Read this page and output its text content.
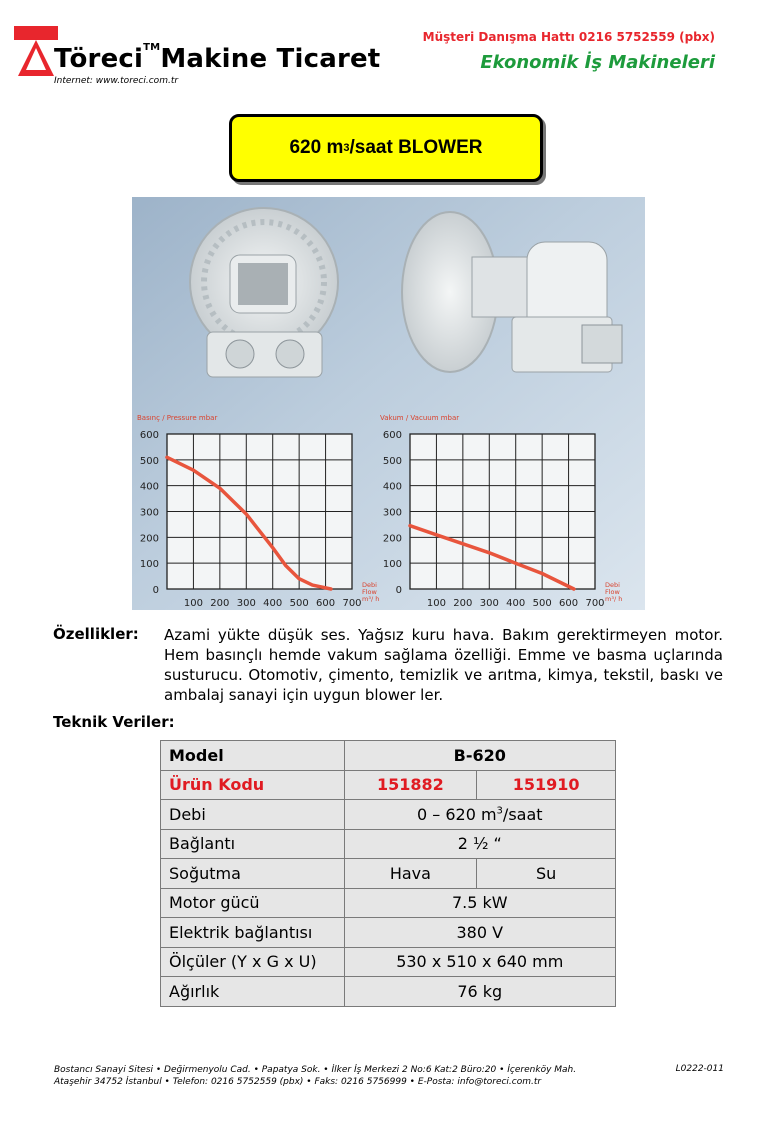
Töreci™Makine Ticaret
Internet: www.toreci.com.tr
Müşteri Danışma Hattı 0216 5752559 (pbx)
Ekonomik İş Makineleri
620 m 3 /saat BLOWER
Basınç / Pressure mbar
600
500
400
300
200
100
0
100 200 300 400 500 600 700
Debi
Flow
m³/ h
Vakum / Vacuum mbar
600
500
400
300
200
100
0
100 200 300 400 500 600 700
Debi
Flow
m³/ h
Özellikler: Azami yükte düşük ses. Yağsız kuru hava. Bakım gerektirmeyen motor. Hem basınçlı hemde vakum sağlama özelliği. Emme ve basma uçlarında susturucu. Otomotiv, çimento, temizlik ve arıtma, kimya, tekstil, baskı ve ambalaj sanayi için uygun blower ler.
Teknik Veriler:
Model	B-620	
Ürün Kodu	151882	151910
Debi	0 – 620 $m^3$/saat	
Bağlantı	2 ½ “	
Soğutma	Hava	Su
Motor gücü	7.5 kW	
Elektrik bağlantısı	380 V	
Ölçüler (Y x G x U)	530 x 510 x 640 mm	
Ağırlık	76 kg	
Bostancı Sanayi Sitesi • Değirmenyolu Cad. • Papatya Sok. • İlker İş Merkezi 2 No:6 Kat:2 Büro:20 • İçerenköy Mah.
Ataşehir 34752 İstanbul • Telefon: 0216 5752559 (pbx) • Faks: 0216 5756999 • E-Posta: info@toreci.com.tr
L0222-011
